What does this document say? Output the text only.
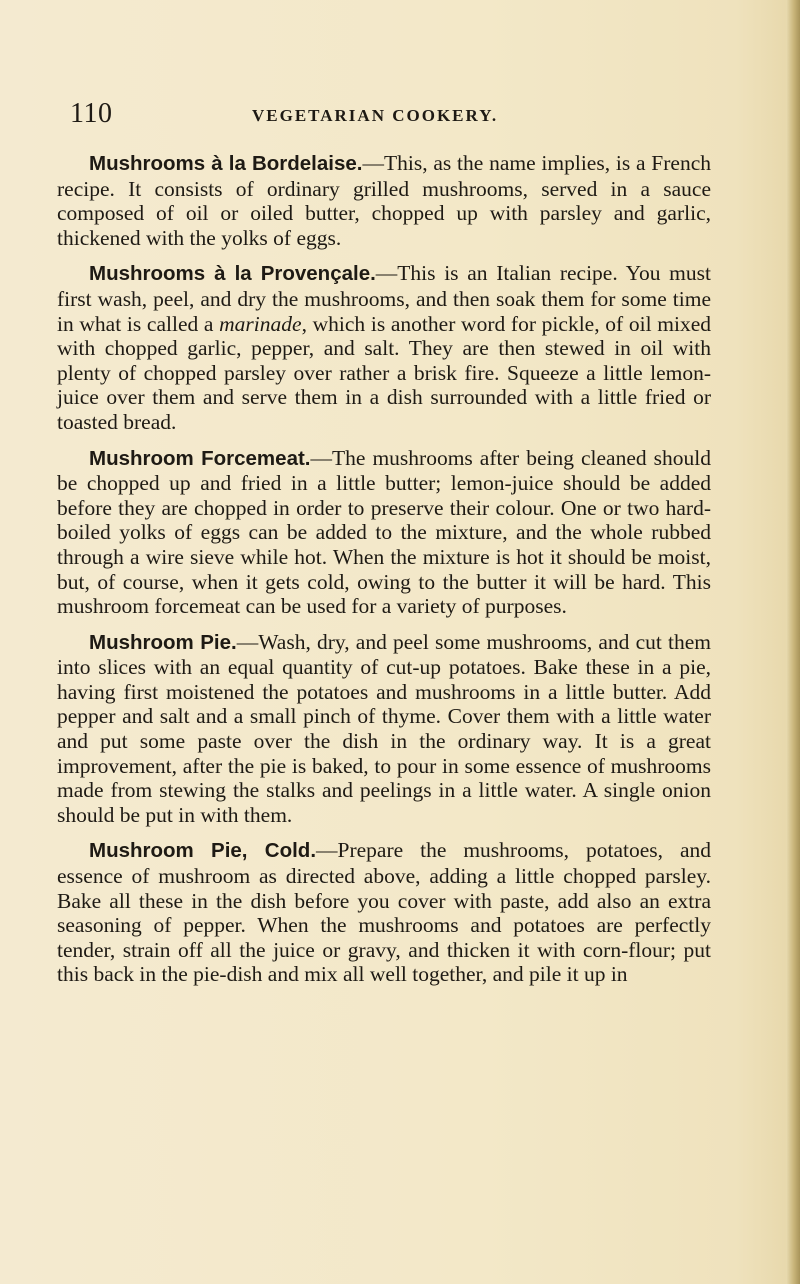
110	VEGETARIAN COOKERY.

Mushrooms à la Bordelaise.—This, as the name implies, is a French recipe. It consists of ordinary grilled mushrooms, served in a sauce composed of oil or oiled butter, chopped up with parsley and garlic, thickened with the yolks of eggs.

Mushrooms à la Provençale.—This is an Italian recipe. You must first wash, peel, and dry the mushrooms, and then soak them for some time in what is called a marinade, which is another word for pickle, of oil mixed with chopped garlic, pepper, and salt. They are then stewed in oil with plenty of chopped parsley over rather a brisk fire. Squeeze a little lemon-juice over them and serve them in a dish surrounded with a little fried or toasted bread.

Mushroom Forcemeat.—The mushrooms after being cleaned should be chopped up and fried in a little butter; lemon-juice should be added before they are chopped in order to preserve their colour. One or two hard-boiled yolks of eggs can be added to the mixture, and the whole rubbed through a wire sieve while hot. When the mixture is hot it should be moist, but, of course, when it gets cold, owing to the butter it will be hard. This mushroom forcemeat can be used for a variety of purposes.

Mushroom Pie.—Wash, dry, and peel some mushrooms, and cut them into slices with an equal quantity of cut-up potatoes. Bake these in a pie, having first moistened the potatoes and mushrooms in a little butter. Add pepper and salt and a small pinch of thyme. Cover them with a little water and put some paste over the dish in the ordinary way. It is a great improvement, after the pie is baked, to pour in some essence of mushrooms made from stewing the stalks and peelings in a little water. A single onion should be put in with them.

Mushroom Pie, Cold.—Prepare the mushrooms, potatoes, and essence of mushroom as directed above, adding a little chopped parsley. Bake all these in the dish before you cover with paste, add also an extra seasoning of pepper. When the mushrooms and potatoes are perfectly tender, strain off all the juice or gravy, and thicken it with corn-flour; put this back in the pie-dish and mix all well together, and pile it up in
